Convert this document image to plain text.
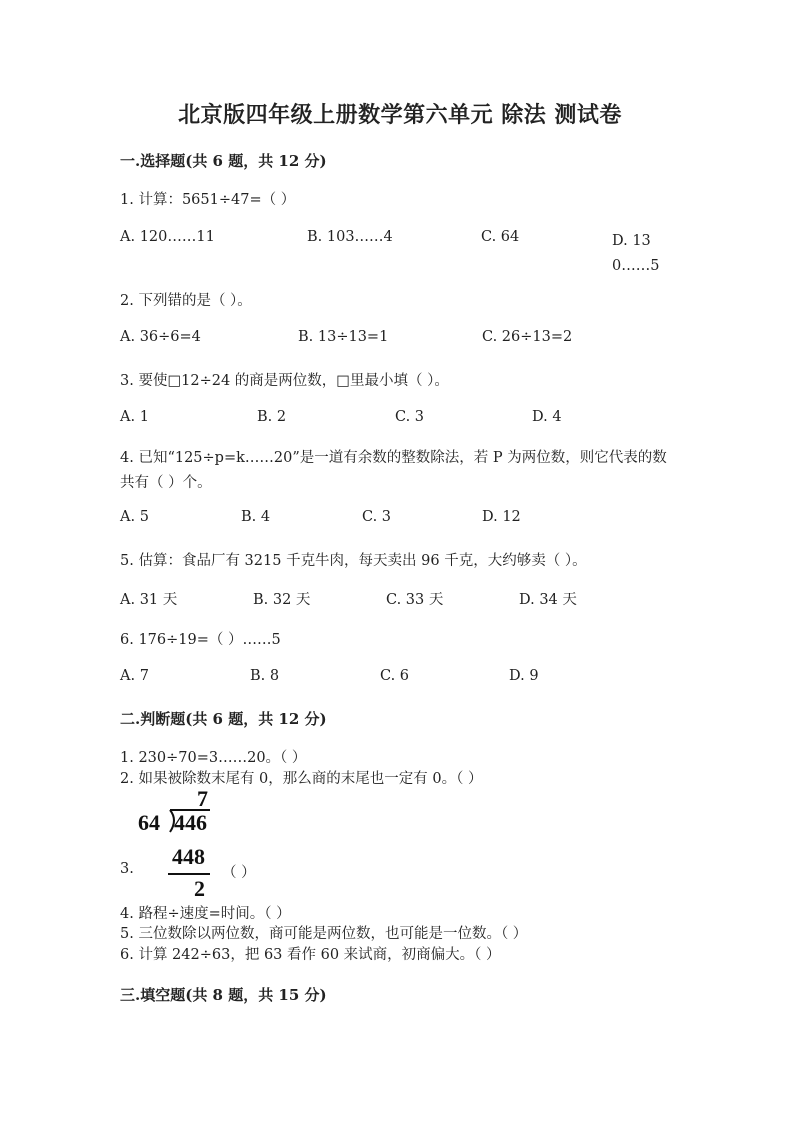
北京版四年级上册数学第六单元 除法 测试卷
一.选择题(共 6 题，共 12 分)
1. 计算：5651÷47=（ ）
A. 120……11	B. 103……4	C. 64	D. 130……5
2. 下列错的是（ ）。
A. 36÷6=4	B. 13÷13=1	C. 26÷13=2
3. 要使□12÷24 的商是两位数，□里最小填（ ）。
A. 1	B. 2	C. 3	D. 4
4. 已知“125÷p=k……20”是一道有余数的整数除法，若 P 为两位数，则它代表的数共有（ ）个。
A. 5	B. 4	C. 3	D. 12
5. 估算：食品厂有 3215 千克牛肉，每天卖出 96 千克，大约够卖（ ）。
A. 31 天	B. 32 天	C. 33 天	D. 34 天
6. 176÷19=（ ）……5
A. 7	B. 8	C. 6	D. 9
二.判断题(共 6 题，共 12 分)
1. 230÷70=3……20。（ ）
2. 如果被除数末尾有 0，那么商的末尾也一定有 0。（ ）
7
64 446
448
2
3.	（ ）
4. 路程÷速度=时间。（ ）
5. 三位数除以两位数，商可能是两位数，也可能是一位数。（ ）
6. 计算 242÷63，把 63 看作 60 来试商，初商偏大。（ ）
三.填空题(共 8 题，共 15 分)
